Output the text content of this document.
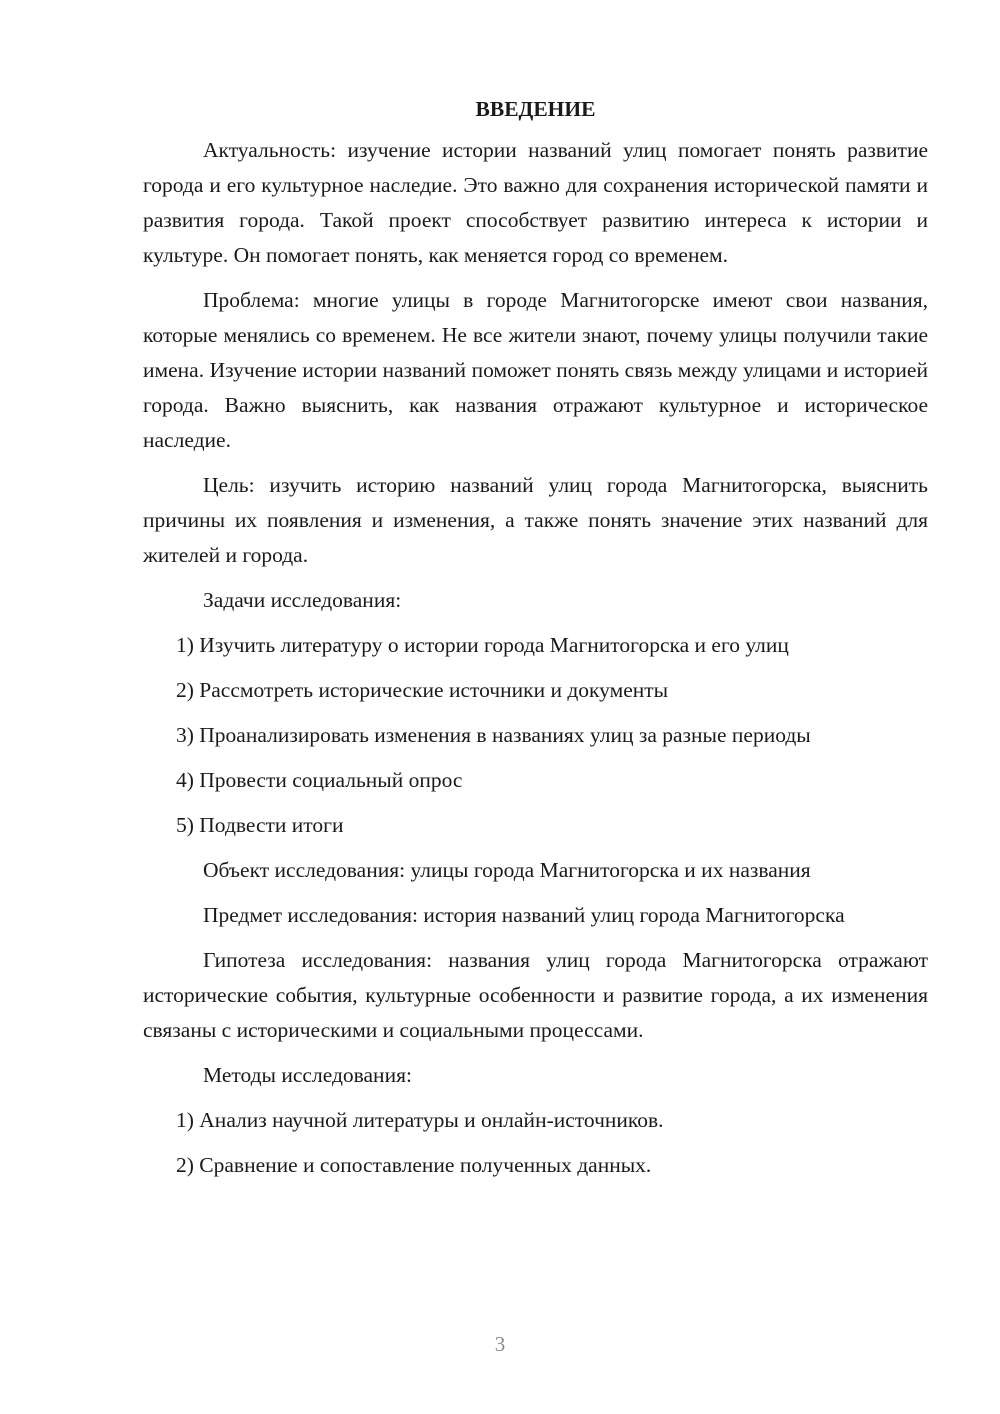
ВВЕДЕНИЕ

Актуальность: изучение истории названий улиц помогает понять развитие города и его культурное наследие. Это важно для сохранения исторической памяти и развития города. Такой проект способствует развитию интереса к истории и культуре. Он помогает понять, как меняется город со временем.

Проблема: многие улицы в городе Магнитогорске имеют свои названия, которые менялись со временем. Не все жители знают, почему улицы получили такие имена. Изучение истории названий поможет понять связь между улицами и историей города. Важно выяснить, как названия отражают культурное и историческое наследие.

Цель: изучить историю названий улиц города Магнитогорска, выяснить причины их появления и изменения, а также понять значение этих названий для жителей и города.

Задачи исследования:

1) Изучить литературу о истории города Магнитогорска и его улиц

2) Рассмотреть исторические источники и документы

3) Проанализировать изменения в названиях улиц за разные периоды

4) Провести социальный опрос

5) Подвести итоги

Объект исследования: улицы города Магнитогорска и их названия

Предмет исследования: история названий улиц города Магнитогорска

Гипотеза исследования: названия улиц города Магнитогорска отражают исторические события, культурные особенности и развитие города, а их изменения связаны с историческими и социальными процессами.

Методы исследования:

1) Анализ научной литературы и онлайн-источников.

2) Сравнение и сопоставление полученных данных.

3
